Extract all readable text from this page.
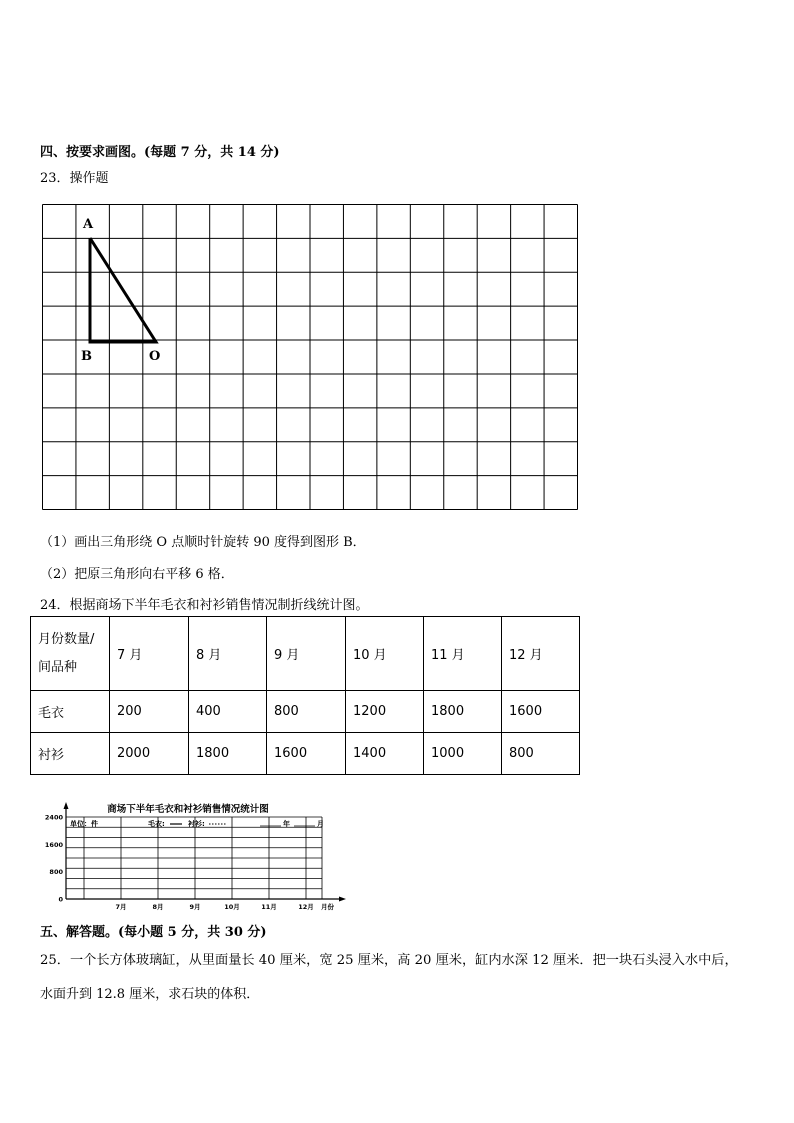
四、按要求画图。(每题 7 分，共 14 分)
23．操作题
A
B	O
（1）画出三角形绕 O 点顺时针旋转 90 度得到图形 B．
（2）把原三角形向右平移 6 格．
24．根据商场下半年毛衣和衬衫销售情况制折线统计图。
月份数量/
间品种	7 月	8 月	9 月	10 月	11 月	12 月
毛衣	200	400	800	1200	1800	1600
衬衫	2000	1800	1600	1400	1000	800
商场下半年毛衣和衬衫销售情况统计图
单位：件	毛衣:	衬衫:	年	月
0
800
1600
2400
7月	8月	9月	10月	11月	12月 月份
五、解答题。(每小题 5 分，共 30 分)
25．一个长方体玻璃缸，从里面量长 40 厘米，宽 25 厘米，高 20 厘米，缸内水深 12 厘米．把一块石头浸入水中后，
水面升到 12.8 厘米，求石块的体积．
